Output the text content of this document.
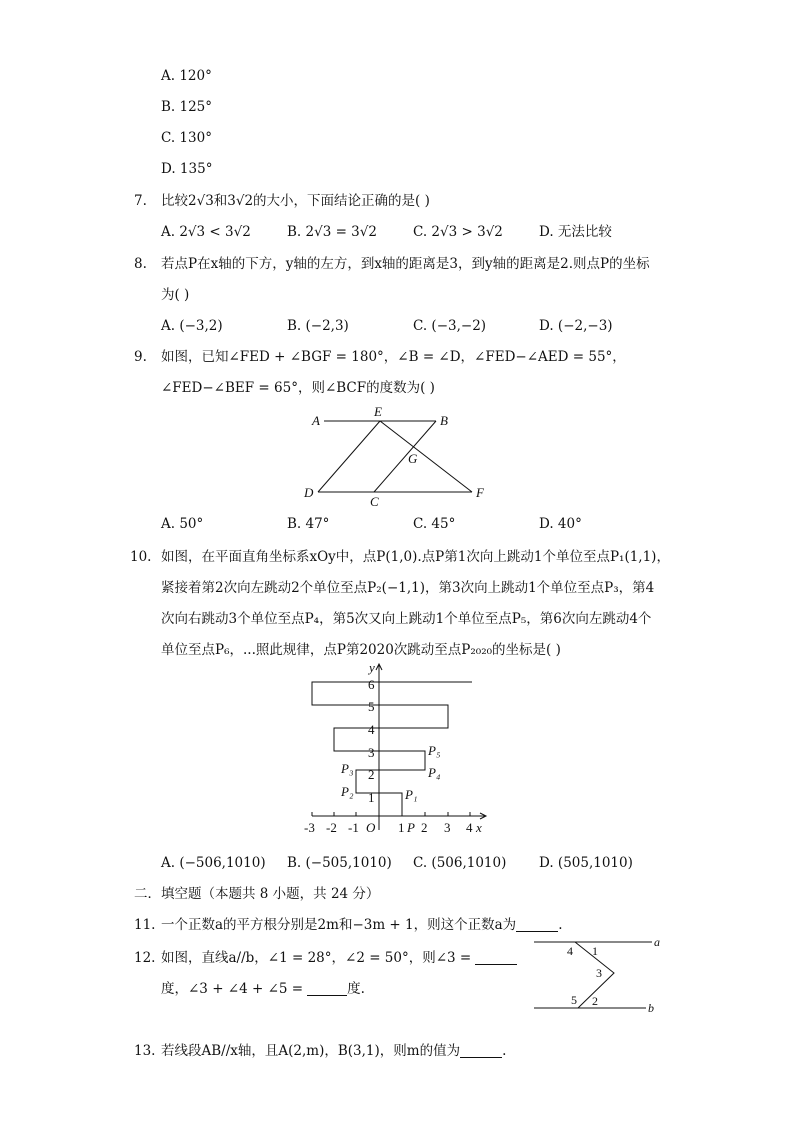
A. 120°
B. 125°
C. 130°
D. 135°
7. 比较2√3和3√2的大小，下面结论正确的是( )
A. 2√3 < 3√2	B. 2√3 = 3√2	C. 2√3 > 3√2	D. 无法比较
8. 若点P在x轴的下方，y轴的左方，到x轴的距离是3，到y轴的距离是2.则点P的坐标
为( )
A. (−3,2)	B. (−2,3)	C. (−3,−2)	D. (−2,−3)
9. 如图，已知∠FED + ∠BGF = 180°，∠B = ∠D，∠FED−∠AED = 55°，
∠FED−∠BEF = 65°，则∠BCF的度数为( )
A
E
B
G
D
C
F
A. 50°	B. 47°	C. 45°	D. 40°
10. 如图，在平面直角坐标系xOy中，点P(1,0).点P第1次向上跳动1个单位至点P₁(1,1)，
紧接着第2次向左跳动2个单位至点P₂(−1,1)，第3次向上跳动1个单位至点P₃，第4
次向右跳动3个单位至点P₄，第5次又向上跳动1个单位至点P₅，第6次向左跳动4个
单位至点P₆，...照此规律，点P第2020次跳动至点P₂₀₂₀的坐标是( )
y
x
O
1
2
3
4
5
6
-3 -2 -1	1 2 3 4
P
P₁
P₂
P₃	P₄
P₅
A. (−506,1010) B. (−505,1010) C. (506,1010) D. (505,1010)
二．填空题（本题共 8 小题，共 24 分）
11. 一个正数a的平方根分别是2m和−3m + 1，则这个正数a为	.
12. 如图，直线a//b，∠1 = 28°，∠2 = 50°，则∠3 =
度，∠3 + ∠4 + ∠5 =	度.
a
b
1
3
4
5 2
13. 若线段AB//x轴，且A(2,m)，B(3,1)，则m的值为	.
